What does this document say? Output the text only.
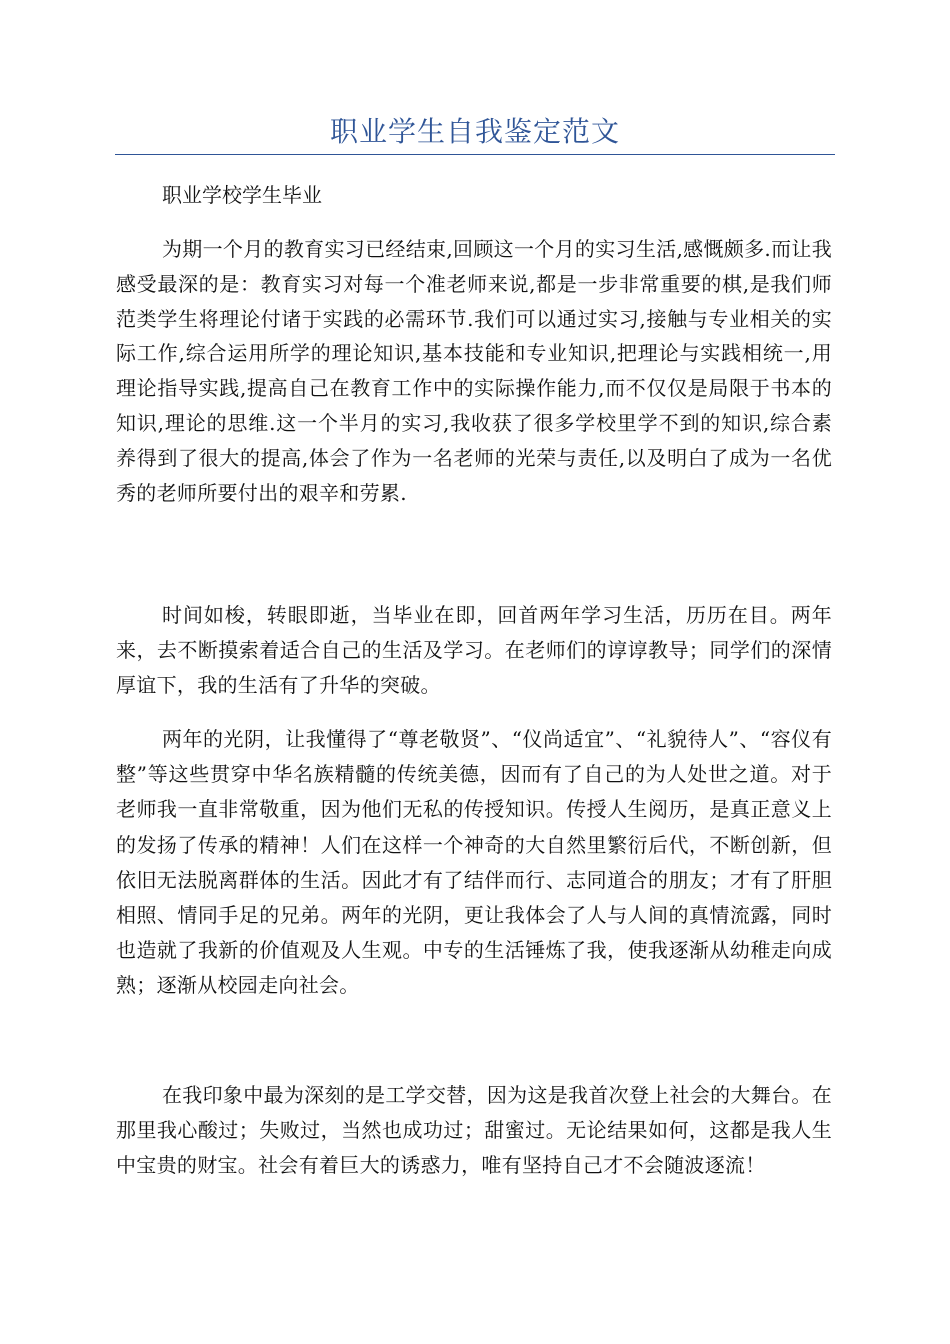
职业学生自我鉴定范文
职业学校学生毕业

为期一个月的教育实习已经结束,回顾这一个月的实习生活,感慨颇多.而让我感受最深的是：教育实习对每一个准老师来说,都是一步非常重要的棋,是我们师范类学生将理论付诸于实践的必需环节.我们可以通过实习,接触与专业相关的实际工作,综合运用所学的理论知识,基本技能和专业知识,把理论与实践相统一,用理论指导实践,提高自己在教育工作中的实际操作能力,而不仅仅是局限于书本的知识,理论的思维.这一个半月的实习,我收获了很多学校里学不到的知识,综合素养得到了很大的提高,体会了作为一名老师的光荣与责任,以及明白了成为一名优秀的老师所要付出的艰辛和劳累.

时间如梭，转眼即逝，当毕业在即，回首两年学习生活，历历在目。两年来，去不断摸索着适合自己的生活及学习。在老师们的谆谆教导；同学们的深情厚谊下，我的生活有了升华的突破。

两年的光阴，让我懂得了“尊老敬贤”、“仪尚适宜”、“礼貌待人”、“容仪有整”等这些贯穿中华名族精髓的传统美德，因而有了自己的为人处世之道。对于老师我一直非常敬重，因为他们无私的传授知识。传授人生阅历，是真正意义上的发扬了传承的精神！人们在这样一个神奇的大自然里繁衍后代，不断创新，但依旧无法脱离群体的生活。因此才有了结伴而行、志同道合的朋友；才有了肝胆相照、情同手足的兄弟。两年的光阴，更让我体会了人与人间的真情流露，同时也造就了我新的价值观及人生观。中专的生活锤炼了我，使我逐渐从幼稚走向成熟；逐渐从校园走向社会。

在我印象中最为深刻的是工学交替，因为这是我首次登上社会的大舞台。在那里我心酸过；失败过，当然也成功过；甜蜜过。无论结果如何，这都是我人生中宝贵的财宝。社会有着巨大的诱惑力，唯有坚持自己才不会随波逐流！
